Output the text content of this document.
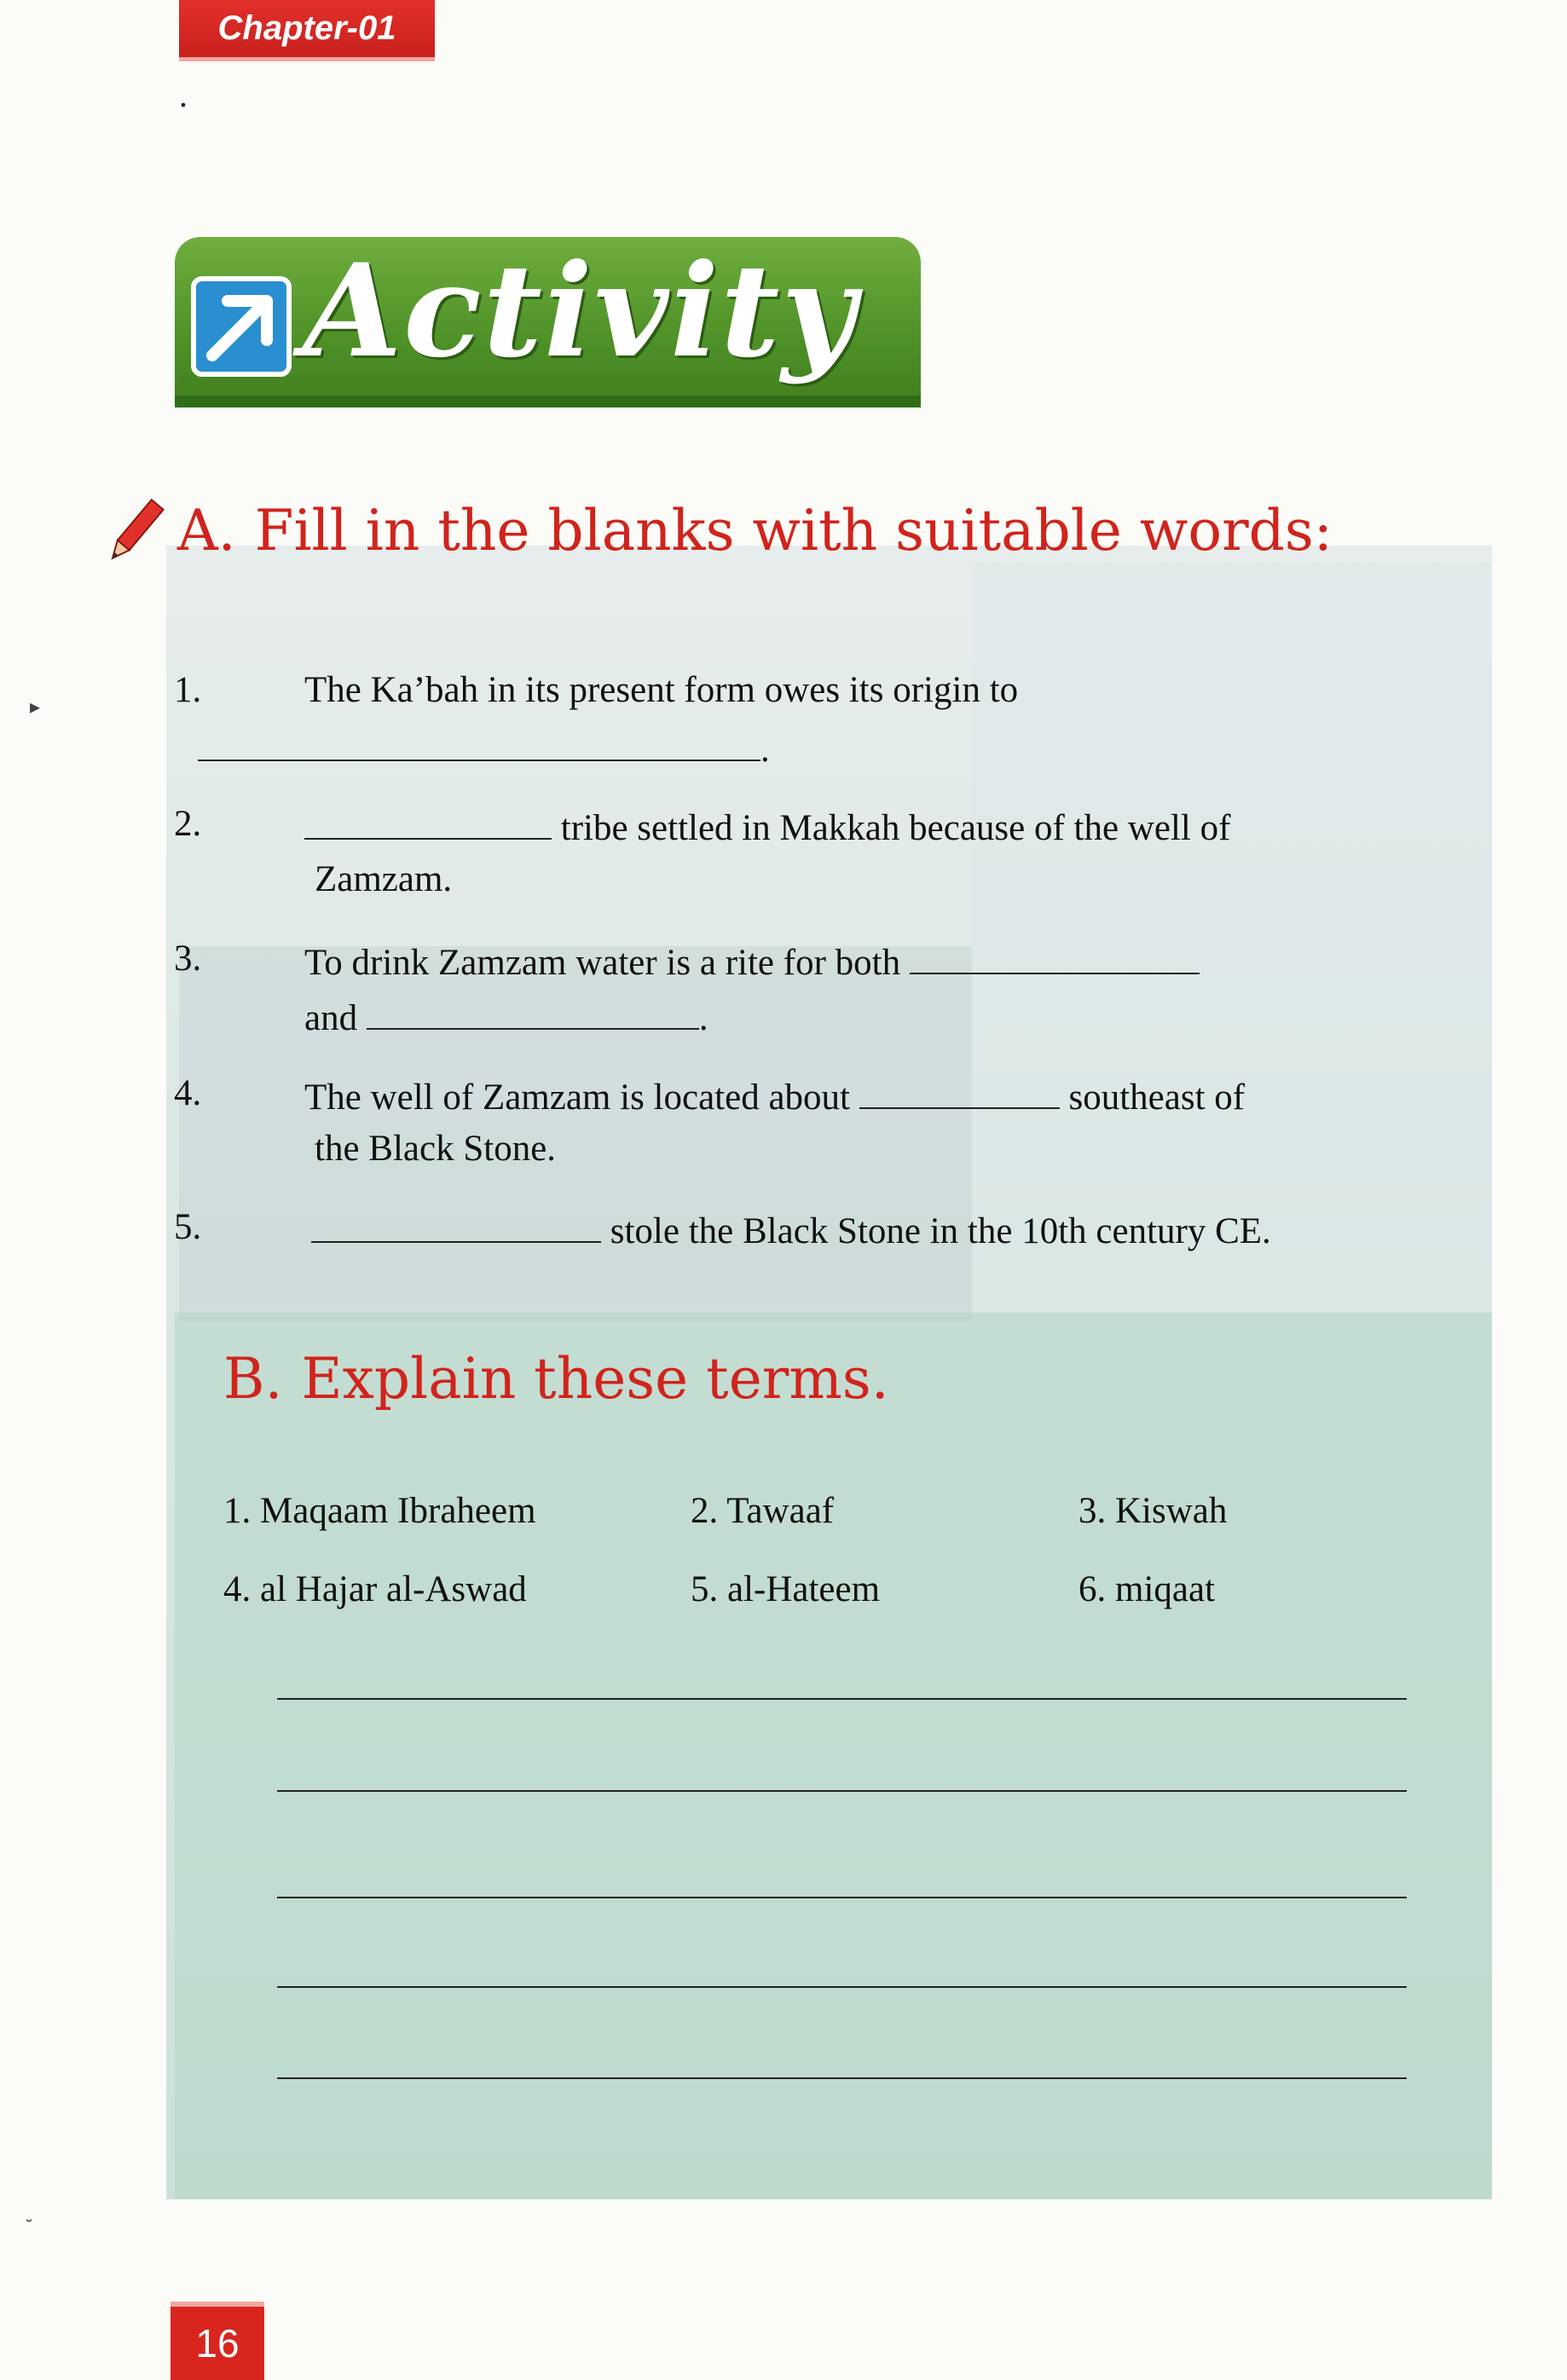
Chapter-01
.
▸
˘
Activity
A. Fill in the blanks with suitable words:
1.	The Ka’bah in its present form owes its origin to
.
2.	tribe settled in Makkah because of the well of
Zamzam.
3.	To drink Zamzam water is a rite for both
and	.
4.	The well of Zamzam is located about	southeast of
the Black Stone.
5.	stole the Black Stone in the 10th century CE.
B. Explain these terms.
1. Maqaam Ibraheem	2. Tawaaf	3. Kiswah
4. al Hajar al-Aswad	5. al-Hateem	6. miqaat
16
